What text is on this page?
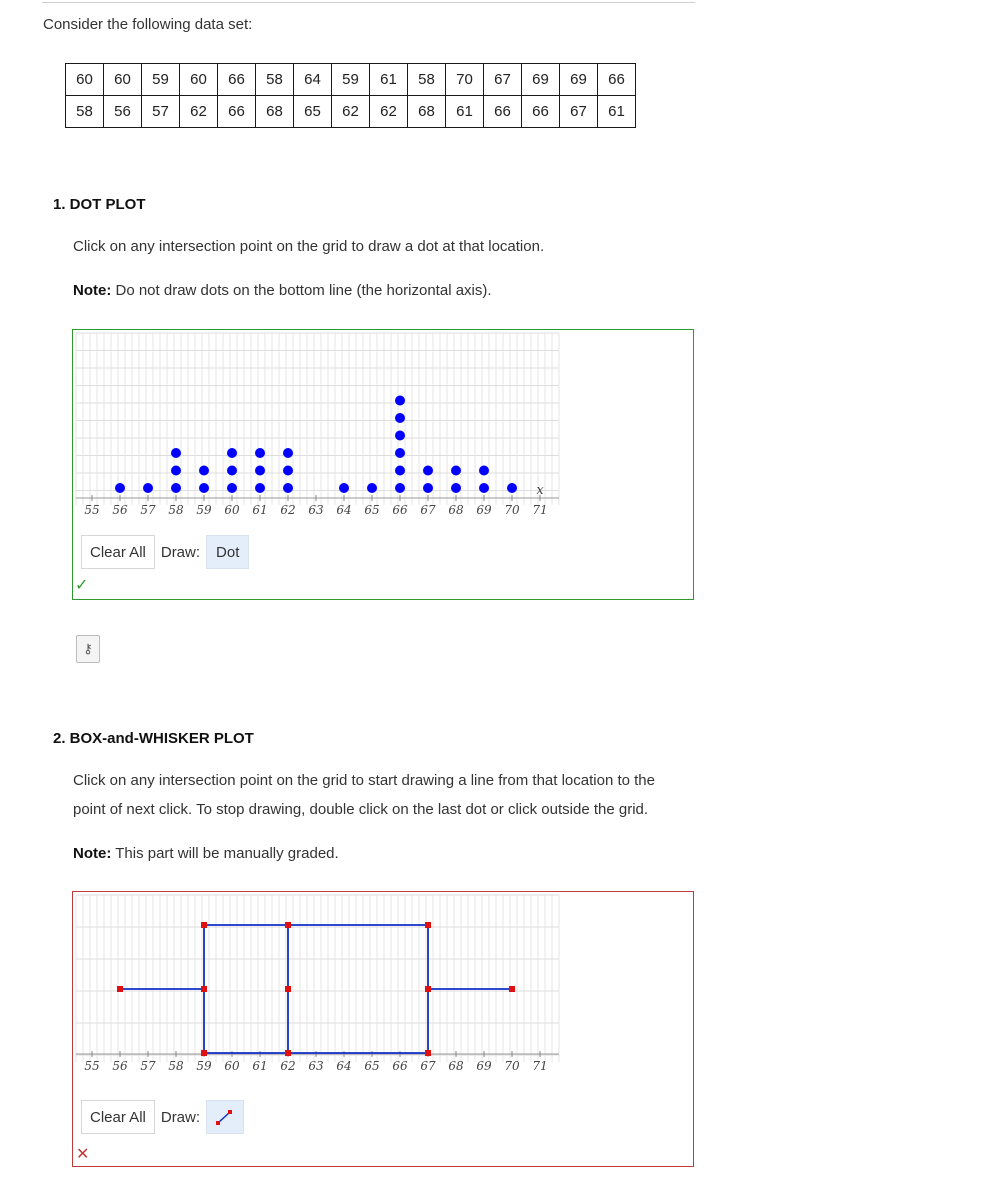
Consider the following data set:
60	60	59	60	66	58	64	59	61	58	70	67	69	69	66
58	56	57	62	66	68	65	62	62	68	61	66	66	67	61
1. DOT PLOT
Click on any intersection point on the grid to draw a dot at that location.
Note: Do not draw dots on the bottom line (the horizontal axis).
55 56 57 58 59 60 61 62 63 64 65 66 67 68 69 70 71
x
Clear All	Draw:	Dot
✓
⚷
2. BOX-and-WHISKER PLOT
Click on any intersection point on the grid to start drawing a line from that location to the
point of next click. To stop drawing, double click on the last dot or click outside the grid.
Note: This part will be manually graded.
55 56 57 58 59 60 61 62 63 64 65 66 67 68 69 70 71
Clear All	Draw:
✕
